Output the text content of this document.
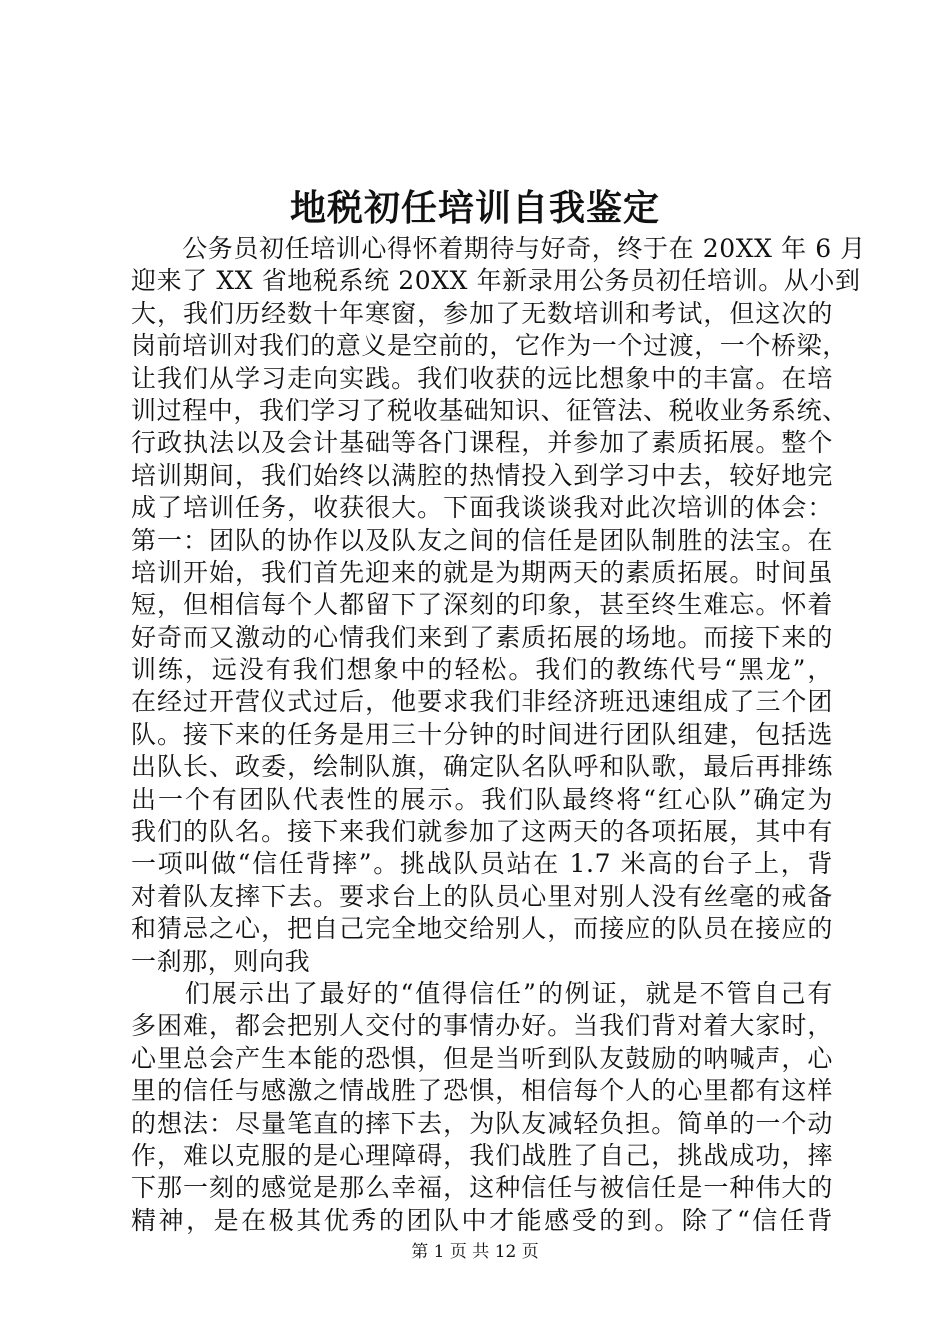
地税初任培训自我鉴定
　　公务员初任培训心得怀着期待与好奇，终于在 20XX 年 6 月
迎来了 XX 省地税系统 20XX 年新录用公务员初任培训。从小到
大，我们历经数十年寒窗，参加了无数培训和考试，但这次的
岗前培训对我们的意义是空前的，它作为一个过渡，一个桥梁，
让我们从学习走向实践。我们收获的远比想象中的丰富。在培
训过程中，我们学习了税收基础知识、征管法、税收业务系统、
行政执法以及会计基础等各门课程，并参加了素质拓展。整个
培训期间，我们始终以满腔的热情投入到学习中去，较好地完
成了培训任务，收获很大。下面我谈谈我对此次培训的体会：
第一：团队的协作以及队友之间的信任是团队制胜的法宝。在
培训开始，我们首先迎来的就是为期两天的素质拓展。时间虽
短，但相信每个人都留下了深刻的印象，甚至终生难忘。怀着
好奇而又激动的心情我们来到了素质拓展的场地。而接下来的
训练，远没有我们想象中的轻松。我们的教练代号“黑龙”，
在经过开营仪式过后，他要求我们非经济班迅速组成了三个团
队。接下来的任务是用三十分钟的时间进行团队组建，包括选
出队长、政委，绘制队旗，确定队名队呼和队歌，最后再排练
出一个有团队代表性的展示。我们队最终将“红心队”确定为
我们的队名。接下来我们就参加了这两天的各项拓展，其中有
一项叫做“信任背摔”。挑战队员站在 1.7 米高的台子上，背
对着队友摔下去。要求台上的队员心里对别人没有丝毫的戒备
和猜忌之心，把自己完全地交给别人，而接应的队员在接应的
一刹那，则向我
　　们展示出了最好的“值得信任”的例证，就是不管自己有
多困难，都会把别人交付的事情办好。当我们背对着大家时，
心里总会产生本能的恐惧，但是当听到队友鼓励的呐喊声，心
里的信任与感激之情战胜了恐惧，相信每个人的心里都有这样
的想法：尽量笔直的摔下去，为队友减轻负担。简单的一个动
作，难以克服的是心理障碍，我们战胜了自己，挑战成功，摔
下那一刻的感觉是那么幸福，这种信任与被信任是一种伟大的
精神，是在极其优秀的团队中才能感受的到。除了“信任背
第 1 页 共 12 页
